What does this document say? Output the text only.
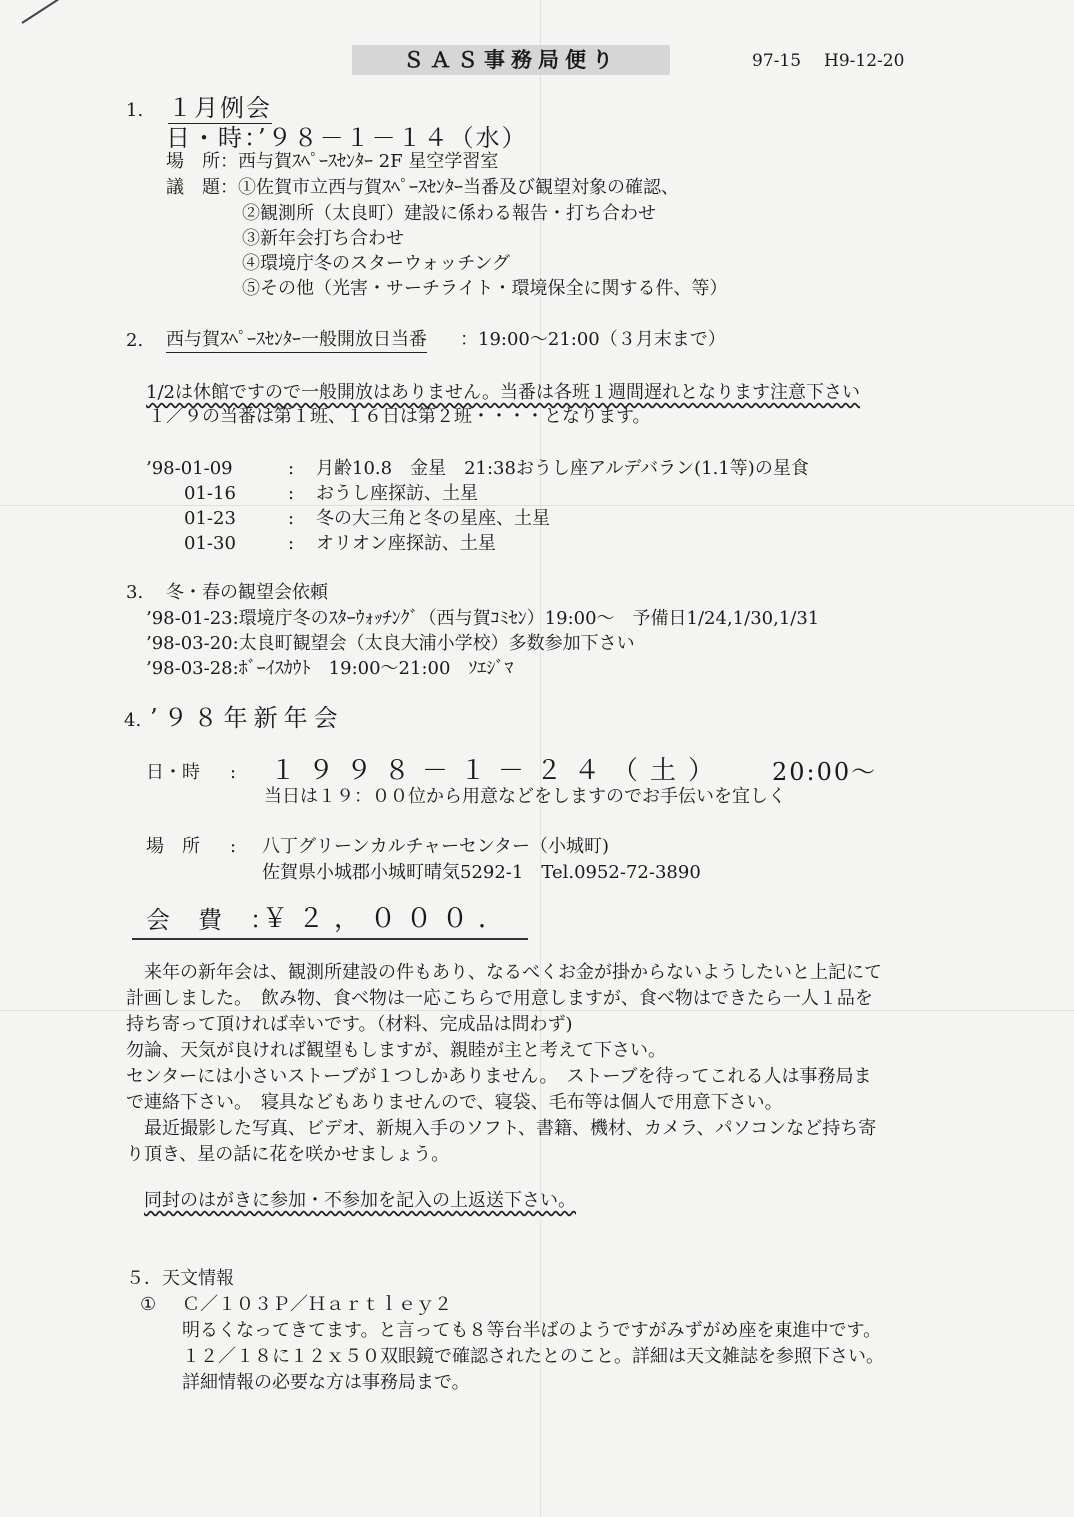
ＳＡＳ事務局便り	97-15 H9-12-20
1. １月例会
日・時：’９８－１－１４（水）
場　所：西与賀ｽﾍﾟｰｽｾﾝﾀｰ 2F 星空学習室
議　題：①佐賀市立西与賀ｽﾍﾟｰｽｾﾝﾀｰ当番及び観望対象の確認、
②観測所（太良町）建設に係わる報告・打ち合わせ
③新年会打ち合わせ
④環境庁冬のスターウォッチング
⑤その他（光害・サーチライト・環境保全に関する件、等）
2. 西与賀ｽﾍﾟｰｽｾﾝﾀｰ一般開放日当番 ：19:00～21:00（３月末まで）
1/2は休館ですので一般開放はありません。当番は各班１週間遅れとなります注意下さい
１／９の当番は第１班、１６日は第２班・・・・となります。
’98-01-09	: 月齢10.8　金星　21:38おうし座アルデバラン(1.1等)の星食
01-16	: おうし座探訪、土星
01-23	: 冬の大三角と冬の星座、土星
01-30	: オリオン座探訪、土星
3. 冬・春の観望会依頼
’98-01-23:環境庁冬のｽﾀｰｳｫｯﾁﾝｸﾞ（西与賀ｺﾐｾﾝ）19:00～　予備日1/24,1/30,1/31
’98-03-20:太良町観望会（太良大浦小学校）多数参加下さい
’98-03-28:ﾎﾞｰｲｽｶｳﾄ　19:00～21:00　ｿｴｼﾞﾏ
4. ’９８年新年会
日・時 : １９９８－１－２４（土） 20:00～
当日は１９：００位から用意などをしますのでお手伝いを宜しく
場　所 : 八丁グリーンカルチャーセンター（小城町)
佐賀県小城郡小城町晴気5292-1　Tel.0952-72-3890
会　費　：
￥２，０００．
　来年の新年会は、観測所建設の件もあり、なるべくお金が掛からないようしたいと上記にて
計画しました。　飲み物、食べ物は一応こちらで用意しますが、食べ物はできたら一人１品を
持ち寄って頂ければ幸いです。（材料、完成品は問わず)
勿論、天気が良ければ観望もしますが、親睦が主と考えて下さい。
センターには小さいストーブが１つしかありません。　ストーブを待ってこれる人は事務局ま
で連絡下さい。　寝具などもありませんので、寝袋、毛布等は個人で用意下さい。
　最近撮影した写真、ビデオ、新規入手のソフト、書籍、機材、カメラ、パソコンなど持ち寄
り頂き、星の話に花を咲かせましょう。
同封のはがきに参加・不参加を記入の上返送下さい。
５．天文情報
① Ｃ／１０３Ｐ／Ｈａｒｔｌｅｙ２
明るくなってきてます。と言っても８等台半ばのようですがみずがめ座を東進中です。
１２／１８に１２ｘ５０双眼鏡で確認されたとのこと。詳細は天文雑誌を参照下さい。
詳細情報の必要な方は事務局まで。
